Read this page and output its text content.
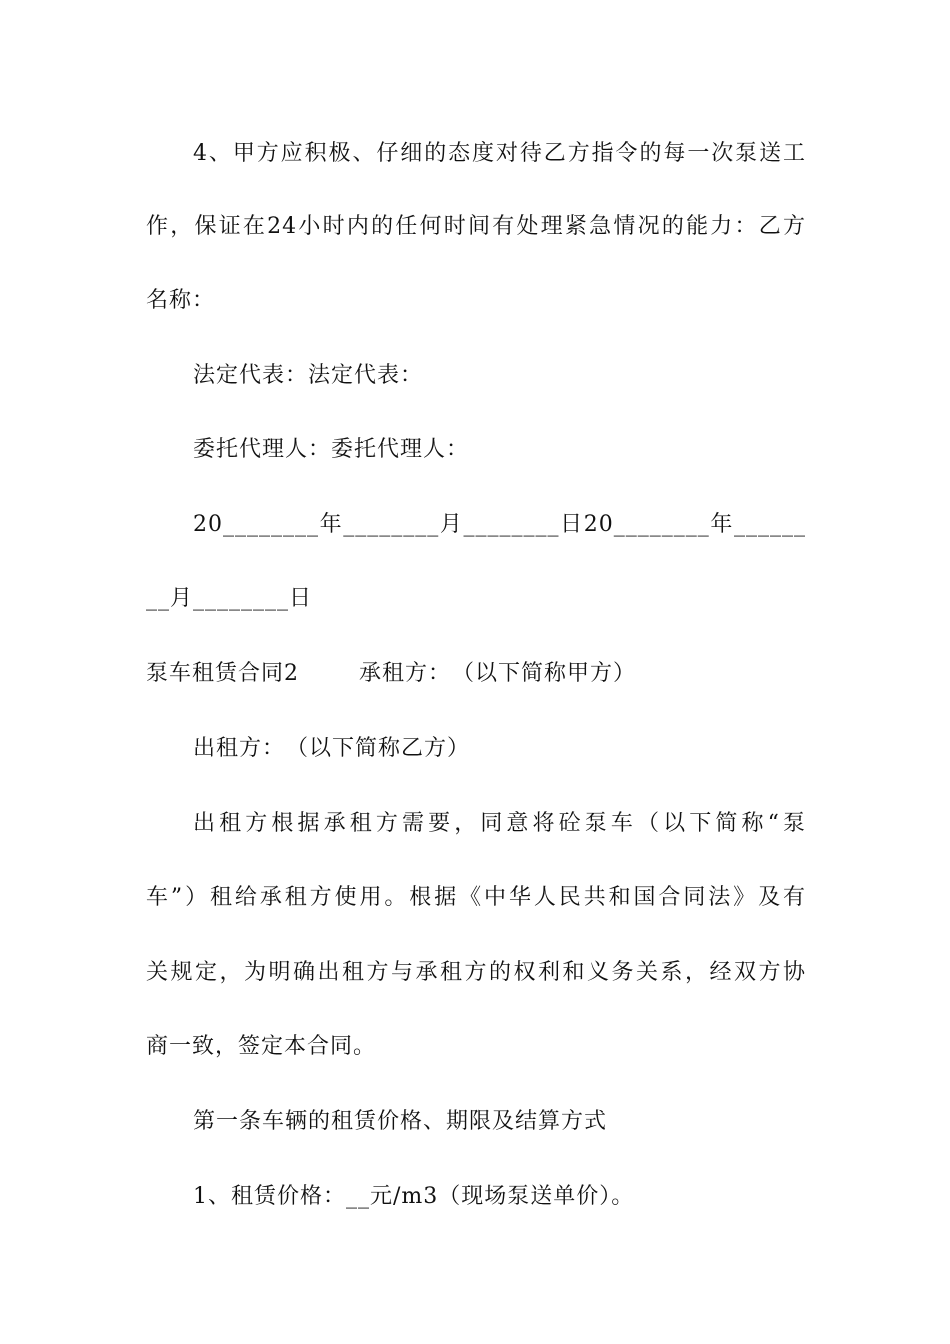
4、甲方应积极、仔细的态度对待乙方指令的每一次泵送工
作，保证在24小时内的任何时间有处理紧急情况的能力：乙方
名称：
法定代表：法定代表：
委托代理人：委托代理人：
20________年________月________日20________年______
__月________日
泵车租赁合同2	承租方：　（以下简称甲方）
出租方：　（以下简称乙方）
出租方根据承租方需要，同意将砼泵车（以下简称“泵
车”）租给承租方使用。根据《中华人民共和国合同法》及有
关规定，为明确出租方与承租方的权利和义务关系，经双方协
商一致，签定本合同。
第一条车辆的租赁价格、期限及结算方式
1、租赁价格：__元/m3（现场泵送单价）。
